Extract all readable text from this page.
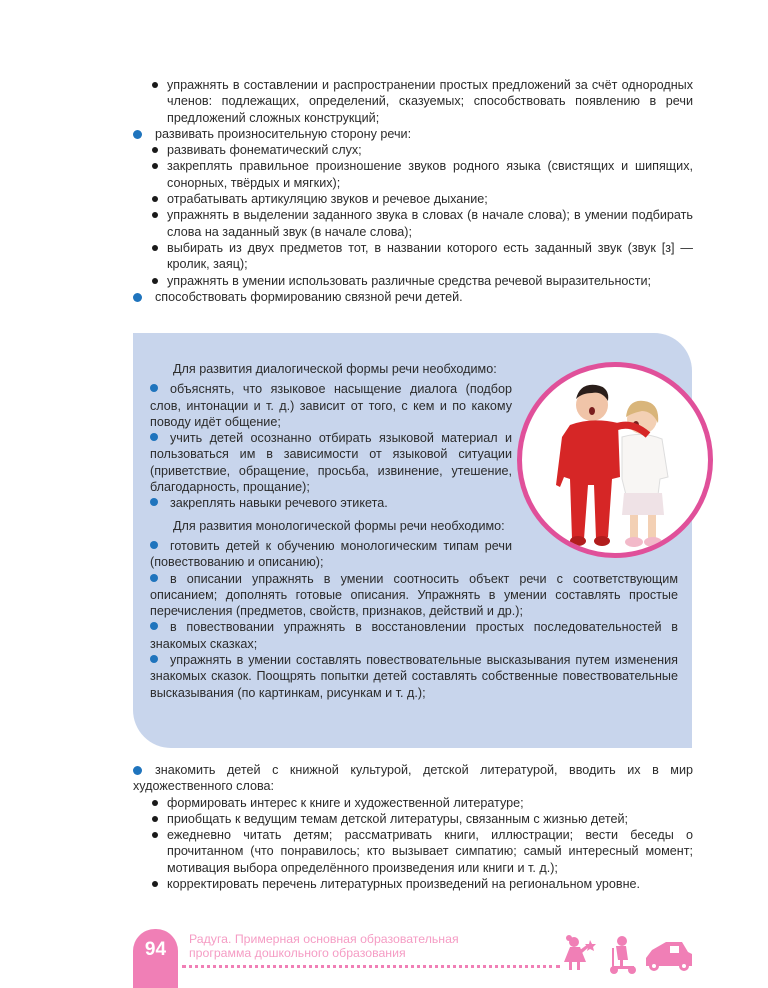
упражнять в составлении и распространении простых предложений за счёт однородных членов: подлежащих, определений, сказуемых; способствовать появлению в речи предложений сложных конструкций;
развивать произносительную сторону речи:
развивать фонематический слух;
закреплять правильное произношение звуков родного языка (свистящих и шипящих, сонорных, твёрдых и мягких);
отрабатывать артикуляцию звуков и речевое дыхание;
упражнять в выделении заданного звука в словах (в начале слова); в умении подбирать слова на заданный звук (в начале слова);
выбирать из двух предметов тот, в названии которого есть заданный звук (звук [з] — кролик, заяц);
упражнять в умении использовать различные средства речевой выразительности;
способствовать формированию связной речи детей.

Для развития диалогической формы речи необходимо:

объяснять, что языковое насыщение диалога (подбор слов, интонации и т. д.) зависит от того, с кем и по какому поводу идёт общение;

учить детей осознанно отбирать языковой материал и пользоваться им в зависимости от языковой ситуации (приветствие, обращение, просьба, извинение, утешение, благодарность, прощание);

закреплять навыки речевого этикета.

Для развития монологической формы речи необходимо:

готовить детей к обучению монологическим типам речи (повествованию и описанию);

в описании упражнять в умении соотносить объект речи с соответствующим описанием; дополнять готовые описания. Упражнять в умении составлять простые перечисления (предметов, свойств, признаков, действий и др.);

в повествовании упражнять в восстановлении простых последовательностей в знакомых сказках;

упражнять в умении составлять повествовательные высказывания путем изменения знакомых сказок. Поощрять попытки детей составлять собственные повествовательные высказывания (по картинкам, рисункам и т. д.);

знакомить детей с книжной культурой, детской литературой, вводить их в мир художественного слова:
формировать интерес к книге и художественной литературе;
приобщать к ведущим темам детской литературы, связанным с жизнью детей;
ежедневно читать детям; рассматривать книги, иллюстрации; вести беседы о прочитанном (что понравилось; кто вызывает симпатию; самый интересный момент; мотивация выбора определённого произведения или книги и т. д.);
корректировать перечень литературных произведений на региональном уровне.
94	Радуга. Примерная основная образовательная
программа дошкольного образования
